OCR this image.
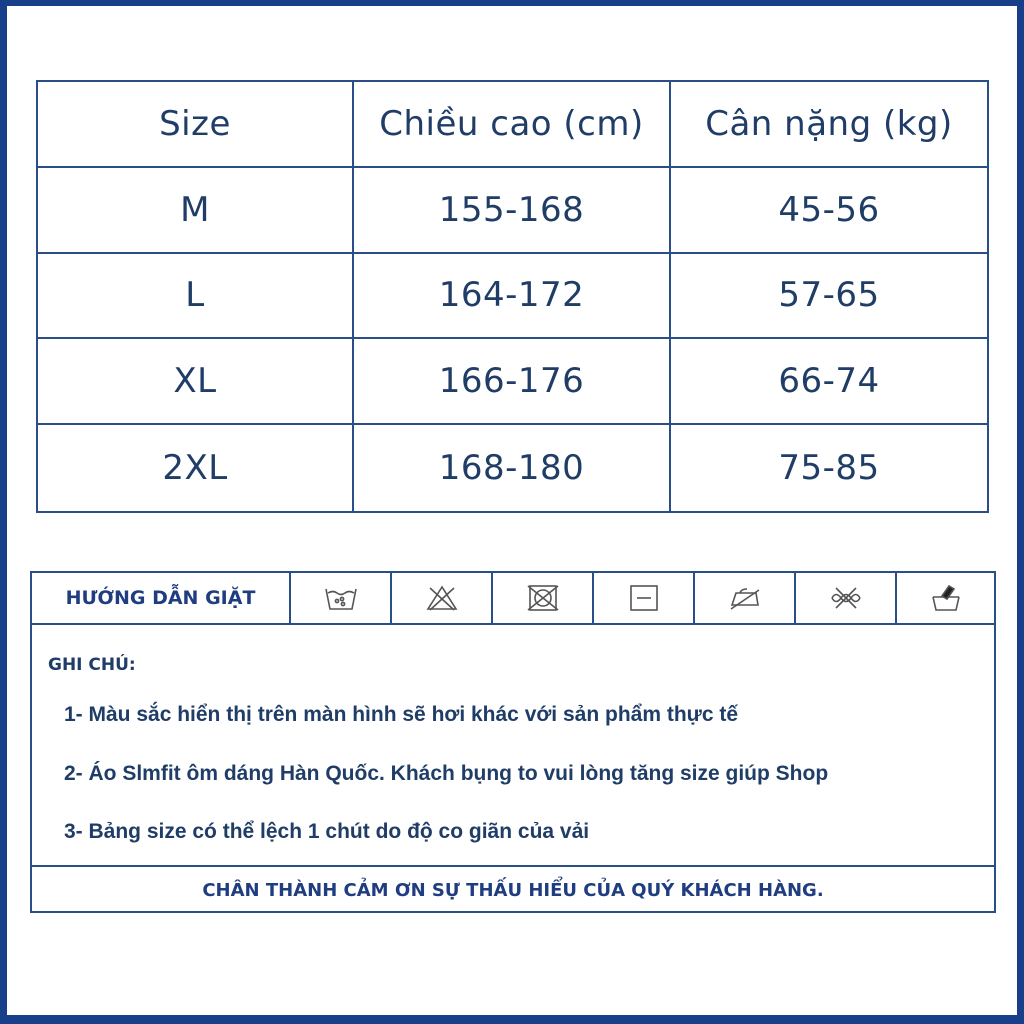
Size	Chiều cao (cm)	Cân nặng (kg)
M	155-168	45-56
L	164-172	57-65
XL	166-176	66-74
2XL	168-180	75-85
HƯỚNG DẪN GIẶT
GHI CHÚ:
1- Màu sắc hiển thị trên màn hình sẽ hơi khác với sản phẩm thực tế
2- Áo Slmfit ôm dáng Hàn Quốc. Khách bụng to vui lòng tăng size giúp Shop
3- Bảng size có thể lệch 1 chút do độ co giãn của vải
CHÂN THÀNH CẢM ƠN SỰ THẤU HIỂU CỦA QUÝ KHÁCH HÀNG.
